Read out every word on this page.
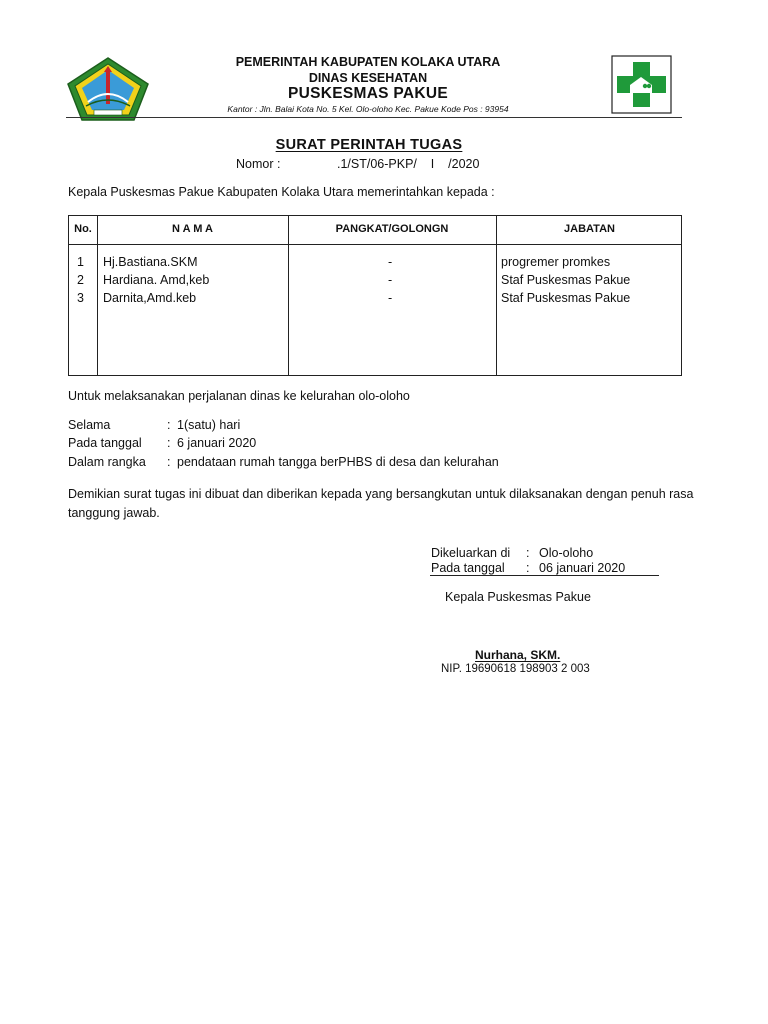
PEMERINTAH KABUPATEN KOLAKA UTARA
DINAS KESEHATAN
PUSKESMAS PAKUE
Kantor : Jln. Balai Kota No. 5 Kel. Olo-oloho Kec. Pakue Kode Pos : 93954
SURAT PERINTAH TUGAS
Nomor :	.1/ST/06-PKP/    I    /2020
Kepala Puskesmas Pakue Kabupaten Kolaka Utara memerintahkan kepada :
No.	N A M A	PANGKAT/GOLONGN	JABATAN
1 Hj.Bastiana.SKM	-	progremer promkes
2 Hardiana. Amd,keb	-	Staf Puskesmas Pakue
3 Darnita,Amd.keb	-	Staf Puskesmas Pakue
Untuk melaksanakan perjalanan dinas ke kelurahan olo-oloho
Selama	: 1(satu) hari
Pada tanggal : 6 januari 2020
Dalam rangka : pendataan rumah tangga berPHBS di desa dan kelurahan
Demikian surat tugas ini dibuat dan diberikan kepada yang bersangkutan untuk dilaksanakan dengan penuh rasa tanggung jawab.
Dikeluarkan di : Olo-oloho
Pada tanggal : 06 januari 2020
Kepala Puskesmas Pakue
Nurhana, SKM.
NIP. 19690618 198903 2 003
